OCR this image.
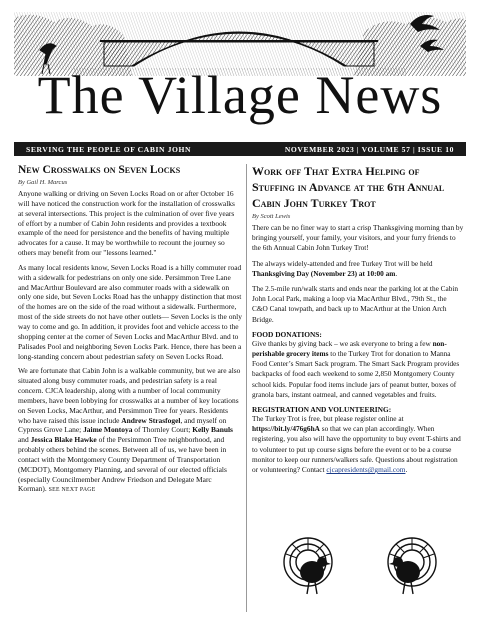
The Village News
SERVING THE PEOPLE OF CABIN JOHN	NOVEMBER 2023 | VOLUME 57 | ISSUE 10
New Crosswalks on Seven Locks
By Gail H. Marcus

Anyone walking or driving on Seven Locks Road on or after October 16 will have noticed the construction work for the installation of crosswalks at several intersections. This project is the culmination of over five years of effort by a number of Cabin John residents and provides a textbook example of the need for persistence and the benefits of having multiple advocates for a cause. It may be worthwhile to recount the journey so others may benefit from our "lessons learned."

As many local residents know, Seven Locks Road is a hilly commuter road with a sidewalk for pedestrians on only one side. Persimmon Tree Lane and MacArthur Boulevard are also commuter roads with a sidewalk on only one side, but Seven Locks Road has the unhappy distinction that most of the homes are on the side of the road without a sidewalk. Furthermore, most of the side streets do not have other outlets— Seven Locks is the only way to come and go. In addition, it provides foot and vehicle access to the shopping center at the corner of Seven Locks and MacArthur Blvd. and to Palisades Pool and neighboring Seven Locks Park. Hence, there has been a long-standing concern about pedestrian safety on Seven Locks Road.

We are fortunate that Cabin John is a walkable community, but we are also situated along busy commuter roads, and pedestrian safety is a real concern. CJCA leadership, along with a number of local community members, have been lobbying for crosswalks at a number of key locations on Seven Locks, MacArthur, and Persimmon Tree for years. Residents who have raised this issue include Andrew Strasfogel, and myself on Cypress Grove Lane; Jaime Montoya of Thornley Court; Kelly Banuls and Jessica Blake Hawke of the Persimmon Tree neighborhood, and probably others behind the scenes. Between all of us, we have been in contact with the Montgomery County Department of Transportation (MCDOT), Montgomery Planning, and several of our elected officials (especially Councilmember Andrew Friedson and Delegate Marc Korman). SEE NEXT PAGE

Work off That Extra Helping of Stuffing in Advance at the 6th Annual Cabin John Turkey Trot
By Scott Lewis

There can be no finer way to start a crisp Thanksgiving morning than by bringing yourself, your family, your visitors, and your furry friends to the 6th Annual Cabin John Turkey Trot!

The always widely-attended and free Turkey Trot will be held Thanksgiving Day (November 23) at 10:00 am.

The 2.5-mile run/walk starts and ends near the parking lot at the Cabin John Local Park, making a loop via MacArthur Blvd., 79th St., the C&O Canal towpath, and back up to MacArthur at the Union Arch Bridge.

FOOD DONATIONS:

Give thanks by giving back – we ask everyone to bring a few non-perishable grocery items to the Turkey Trot for donation to Manna Food Center’s Smart Sack program. The Smart Sack Program provides backpacks of food each weekend to some 2,850 Montgomery County school kids. Popular food items include jars of peanut butter, boxes of granola bars, instant oatmeal, and canned vegetables and fruits.

REGISTRATION AND VOLUNTEERING:

The Turkey Trot is free, but please register online at https://bit.ly/476g6hA so that we can plan accordingly. When registering, you also will have the opportunity to buy event T-shirts and to volunteer to put up course signs before the event or to be a course monitor to keep our runners/walkers safe. Questions about registration or volunteering? Contact cjcapresidents@gmail.com.
